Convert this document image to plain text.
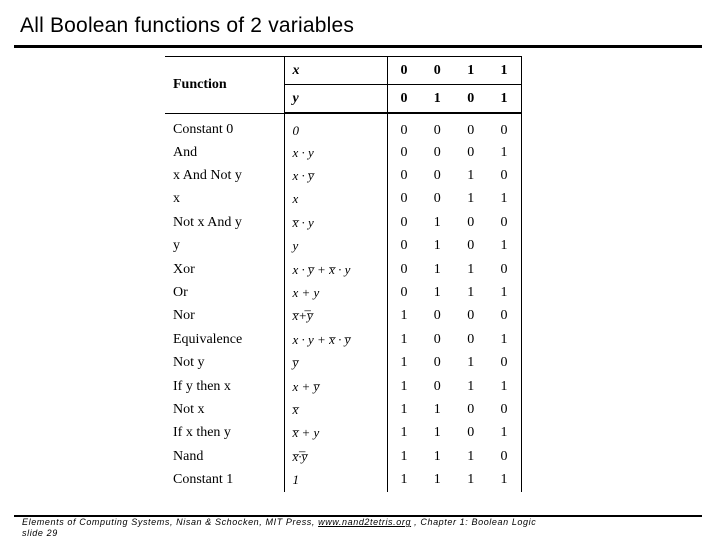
All Boolean functions of 2 variables
Function	x	0	0	1	1
	y	0	1	0	1
Constant 0	0	0	0	0	0
And	x · y	0	0	0	1
x And Not y	x · y̅	0	0	1	0
x	x	0	0	1	1
Not x And y	x̅ · y	0	1	0	0
y	y	0	1	0	1
Xor	x · y̅ + x̅ · y	0	1	1	0
Or	x + y	0	1	1	1
Nor	x̅+̅y̅	1	0	0	0
Equivalence	x · y + x̅ · y̅	1	0	0	1
Not y	y̅	1	0	1	0
If y then x	x + y̅	1	0	1	1
Not x	x̅	1	1	0	0
If x then y	x̅ + y	1	1	0	1
Nand	x̅·̅y̅	1	1	1	0
Constant 1	1	1	1	1	1
Elements of Computing Systems, Nisan & Schocken, MIT Press, www.nand2tetris.org , Chapter 1: Boolean Logic
slide 29
